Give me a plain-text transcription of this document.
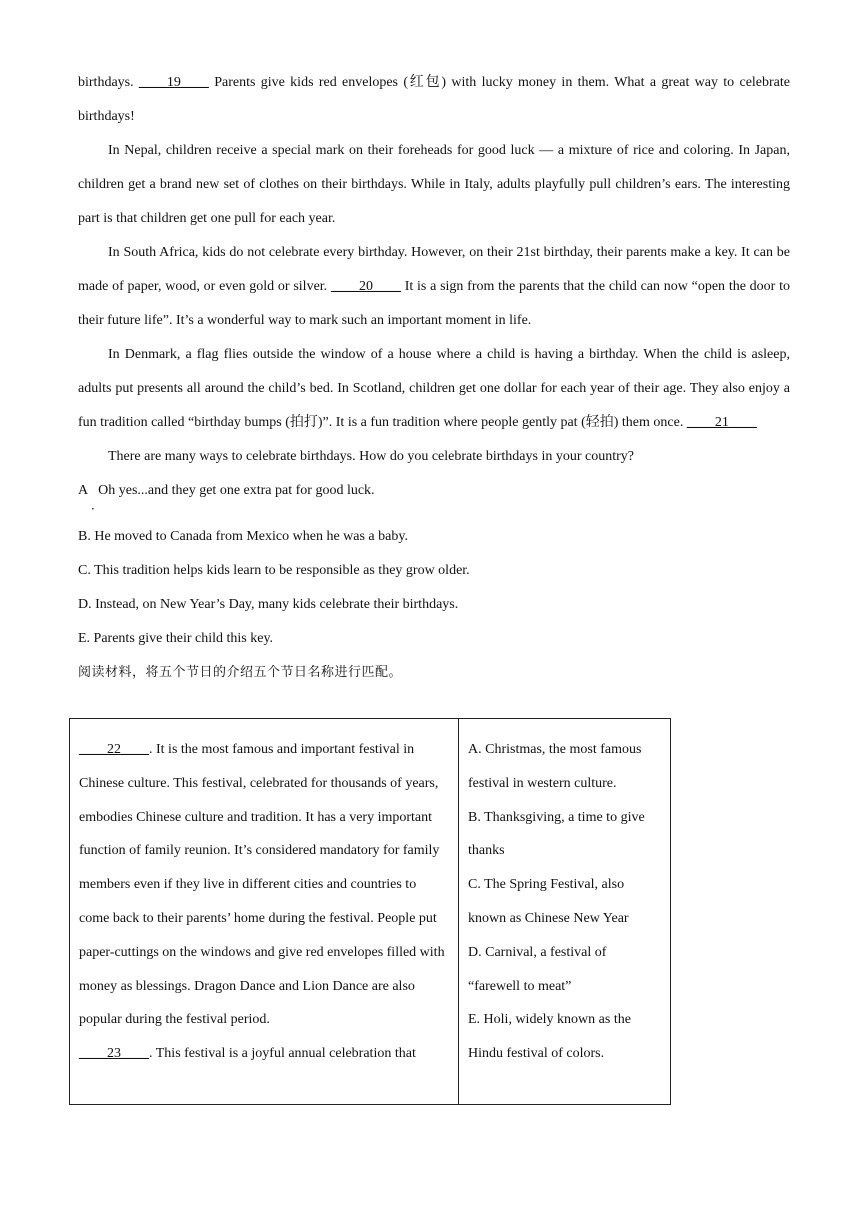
birthdays. ____19____ Parents give kids red envelopes (红包) with lucky money in them. What a great way to celebrate birthdays!

In Nepal, children receive a special mark on their foreheads for good luck — a mixture of rice and coloring. In Japan, children get a brand new set of clothes on their birthdays. While in Italy, adults playfully pull children’s ears. The interesting part is that children get one pull for each year.

In South Africa, kids do not celebrate every birthday. However, on their 21st birthday, their parents make a key. It can be made of paper, wood, or even gold or silver. ____20____ It is a sign from the parents that the child can now “open the door to their future life”. It’s a wonderful way to mark such an important moment in life.

In Denmark, a flag flies outside the window of a house where a child is having a birthday. When the child is asleep, adults put presents all around the child’s bed. In Scotland, children get one dollar for each year of their age. They also enjoy a fun tradition called “birthday bumps (拍打)”. It is a fun tradition where people gently pat (轻拍) them once. ____21____

There are many ways to celebrate birthdays. How do you celebrate birthdays in your country?

A
．
Oh yes...and they get one extra pat for good luck.
B. He moved to Canada from Mexico when he was a baby.
C. This tradition helps kids learn to be responsible as they grow older.
D. Instead, on New Year’s Day, many kids celebrate their birthdays.
E. Parents give their child this key.
阅读材料，将五个节日的介绍五个节日名称进行匹配。
____22____. It is the most famous and important festival in Chinese culture. This festival, celebrated for thousands of years, embodies Chinese culture and tradition. It has a very important function of family reunion. It’s considered mandatory for family members even if they live in different cities and countries to come back to their parents’ home during the festival. People put paper-cuttings on the windows and give red envelopes filled with money as blessings. Dragon Dance and Lion Dance are also popular during the festival period.
____23____. This festival is a joyful annual celebration that

A. Christmas, the most famous festival in western culture.
B. Thanksgiving, a time to give thanks
C. The Spring Festival, also known as Chinese New Year
D. Carnival, a festival of “farewell to meat”
E. Holi, widely known as the Hindu festival of colors.
